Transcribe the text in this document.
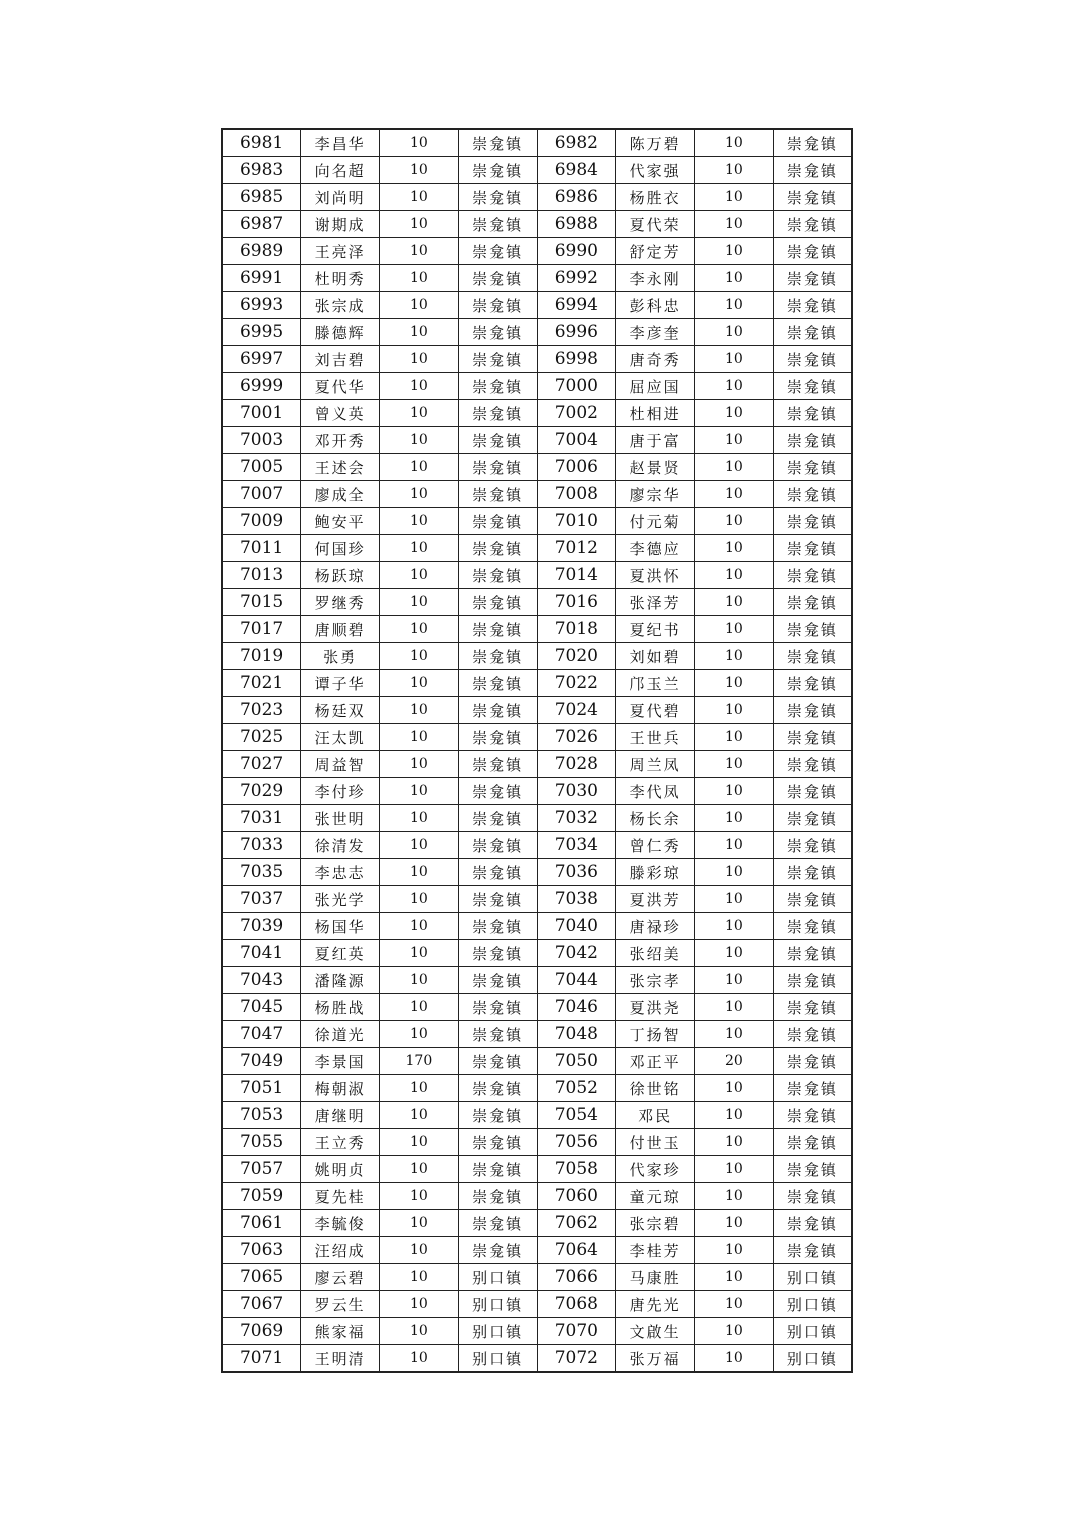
6981	李昌华	10	崇龛镇	6982	陈万碧	10	崇龛镇
6983	向名超	10	崇龛镇	6984	代家强	10	崇龛镇
6985	刘尚明	10	崇龛镇	6986	杨胜衣	10	崇龛镇
6987	谢期成	10	崇龛镇	6988	夏代荣	10	崇龛镇
6989	王亮泽	10	崇龛镇	6990	舒定芳	10	崇龛镇
6991	杜明秀	10	崇龛镇	6992	李永刚	10	崇龛镇
6993	张宗成	10	崇龛镇	6994	彭科忠	10	崇龛镇
6995	滕德辉	10	崇龛镇	6996	李彦奎	10	崇龛镇
6997	刘吉碧	10	崇龛镇	6998	唐奇秀	10	崇龛镇
6999	夏代华	10	崇龛镇	7000	屈应国	10	崇龛镇
7001	曾义英	10	崇龛镇	7002	杜相进	10	崇龛镇
7003	邓开秀	10	崇龛镇	7004	唐于富	10	崇龛镇
7005	王述会	10	崇龛镇	7006	赵景贤	10	崇龛镇
7007	廖成全	10	崇龛镇	7008	廖宗华	10	崇龛镇
7009	鲍安平	10	崇龛镇	7010	付元菊	10	崇龛镇
7011	何国珍	10	崇龛镇	7012	李德应	10	崇龛镇
7013	杨跃琼	10	崇龛镇	7014	夏洪怀	10	崇龛镇
7015	罗继秀	10	崇龛镇	7016	张泽芳	10	崇龛镇
7017	唐顺碧	10	崇龛镇	7018	夏纪书	10	崇龛镇
7019	张勇	10	崇龛镇	7020	刘如碧	10	崇龛镇
7021	谭子华	10	崇龛镇	7022	邝玉兰	10	崇龛镇
7023	杨廷双	10	崇龛镇	7024	夏代碧	10	崇龛镇
7025	汪太凯	10	崇龛镇	7026	王世兵	10	崇龛镇
7027	周益智	10	崇龛镇	7028	周兰凤	10	崇龛镇
7029	李付珍	10	崇龛镇	7030	李代凤	10	崇龛镇
7031	张世明	10	崇龛镇	7032	杨长余	10	崇龛镇
7033	徐清发	10	崇龛镇	7034	曾仁秀	10	崇龛镇
7035	李忠志	10	崇龛镇	7036	滕彩琼	10	崇龛镇
7037	张光学	10	崇龛镇	7038	夏洪芳	10	崇龛镇
7039	杨国华	10	崇龛镇	7040	唐禄珍	10	崇龛镇
7041	夏红英	10	崇龛镇	7042	张绍美	10	崇龛镇
7043	潘隆源	10	崇龛镇	7044	张宗孝	10	崇龛镇
7045	杨胜战	10	崇龛镇	7046	夏洪尧	10	崇龛镇
7047	徐道光	10	崇龛镇	7048	丁扬智	10	崇龛镇
7049	李景国	170	崇龛镇	7050	邓正平	20	崇龛镇
7051	梅朝淑	10	崇龛镇	7052	徐世铭	10	崇龛镇
7053	唐继明	10	崇龛镇	7054	邓民	10	崇龛镇
7055	王立秀	10	崇龛镇	7056	付世玉	10	崇龛镇
7057	姚明贞	10	崇龛镇	7058	代家珍	10	崇龛镇
7059	夏先桂	10	崇龛镇	7060	童元琼	10	崇龛镇
7061	李毓俊	10	崇龛镇	7062	张宗碧	10	崇龛镇
7063	汪绍成	10	崇龛镇	7064	李桂芳	10	崇龛镇
7065	廖云碧	10	别口镇	7066	马康胜	10	别口镇
7067	罗云生	10	别口镇	7068	唐先光	10	别口镇
7069	熊家福	10	别口镇	7070	文啟生	10	别口镇
7071	王明清	10	别口镇	7072	张万福	10	别口镇
